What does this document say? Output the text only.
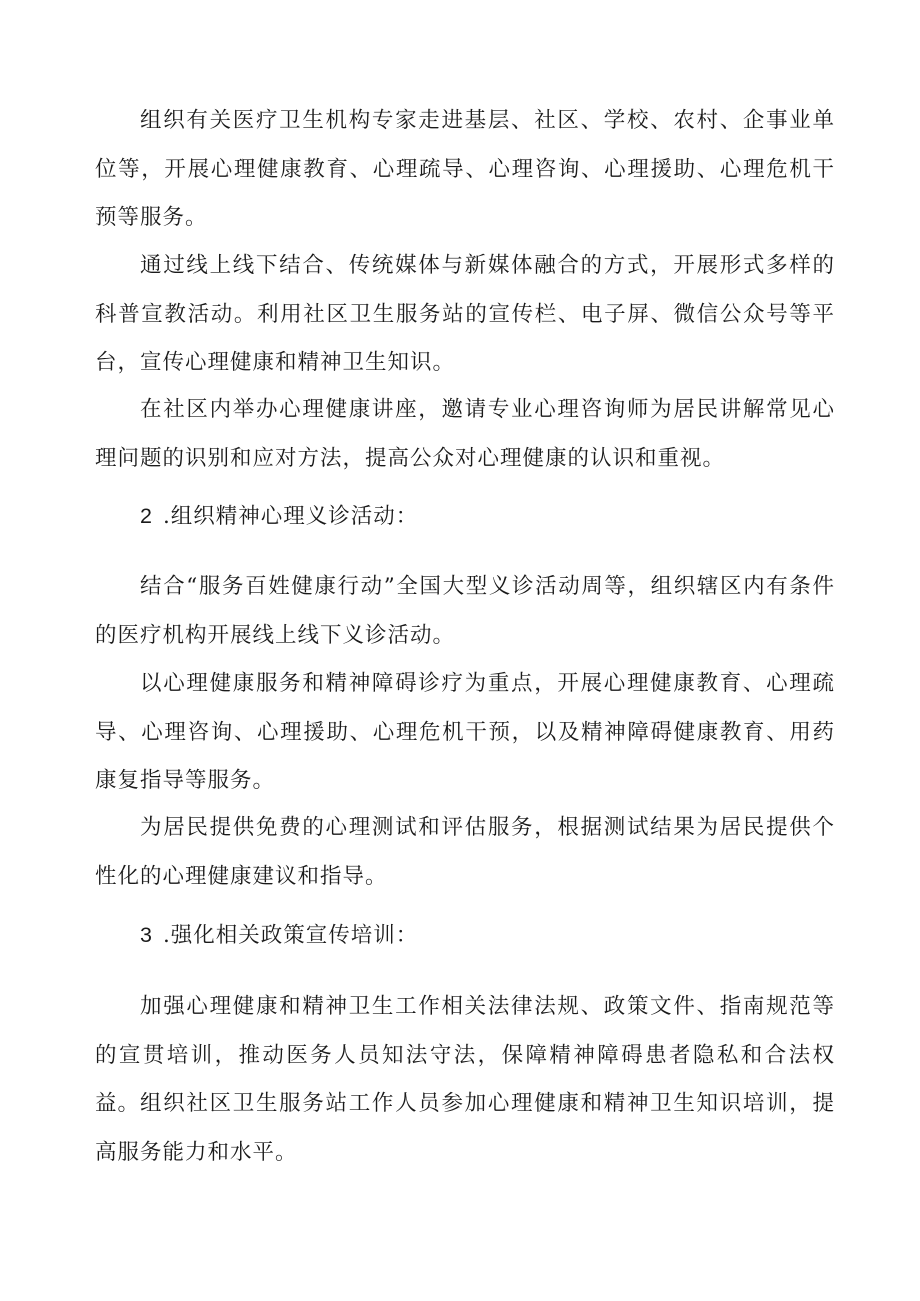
组织有关医疗卫生机构专家走进基层、社区、学校、农村、企事业单位等，开展心理健康教育、心理疏导、心理咨询、心理援助、心理危机干预等服务。

通过线上线下结合、传统媒体与新媒体融合的方式，开展形式多样的科普宣教活动。利用社区卫生服务站的宣传栏、电子屏、微信公众号等平台，宣传心理健康和精神卫生知识。

在社区内举办心理健康讲座，邀请专业心理咨询师为居民讲解常见心理问题的识别和应对方法，提高公众对心理健康的认识和重视。

2 .组织精神心理义诊活动：

结合“服务百姓健康行动”全国大型义诊活动周等，组织辖区内有条件的医疗机构开展线上线下义诊活动。

以心理健康服务和精神障碍诊疗为重点，开展心理健康教育、心理疏导、心理咨询、心理援助、心理危机干预，以及精神障碍健康教育、用药康复指导等服务。

为居民提供免费的心理测试和评估服务，根据测试结果为居民提供个性化的心理健康建议和指导。

3 .强化相关政策宣传培训：

加强心理健康和精神卫生工作相关法律法规、政策文件、指南规范等的宣贯培训，推动医务人员知法守法，保障精神障碍患者隐私和合法权益。 组织社区卫生服务站工作人员参加心理健康和精神卫生知识培训，提高服务能力和水平。
